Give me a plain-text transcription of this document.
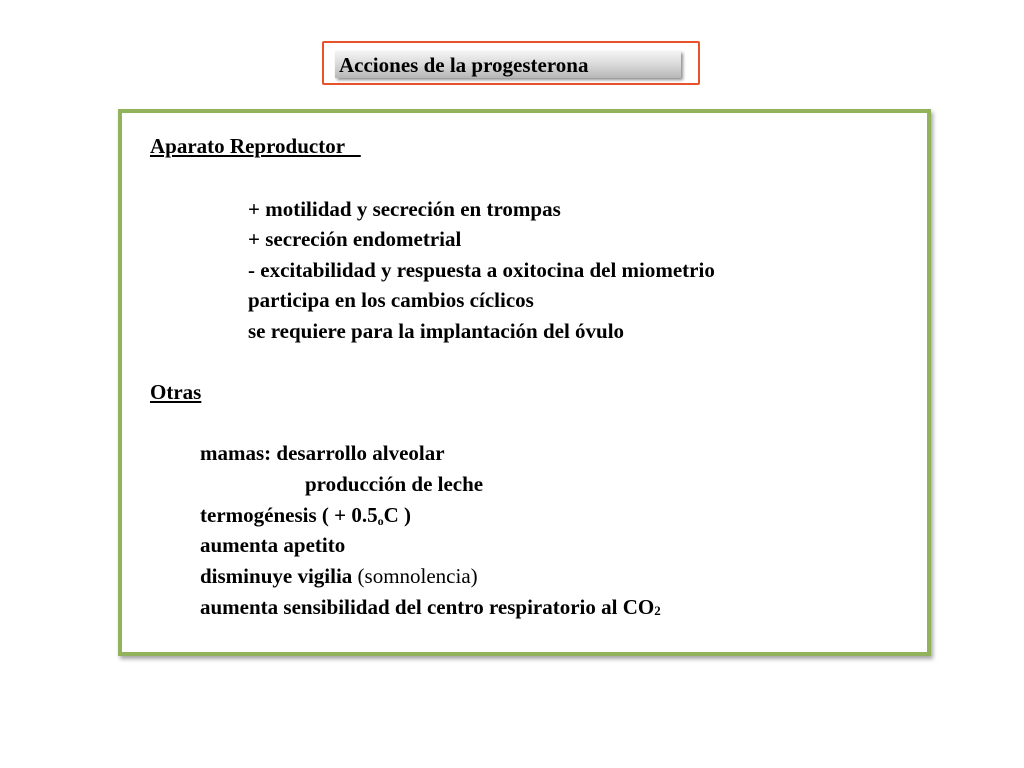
Acciones de la progesterona
Aparato Reproductor
+ motilidad y secreción en trompas
+ secreción endometrial
- excitabilidad y respuesta a oxitocina del miometrio
participa en los cambios cíclicos
se requiere para la implantación del óvulo
Otras
mamas: desarrollo alveolar
producción de leche
termogénesis ( + 0.5oC )
aumenta apetito
disminuye vigilia (somnolencia)
aumenta sensibilidad del centro respiratorio al CO2
